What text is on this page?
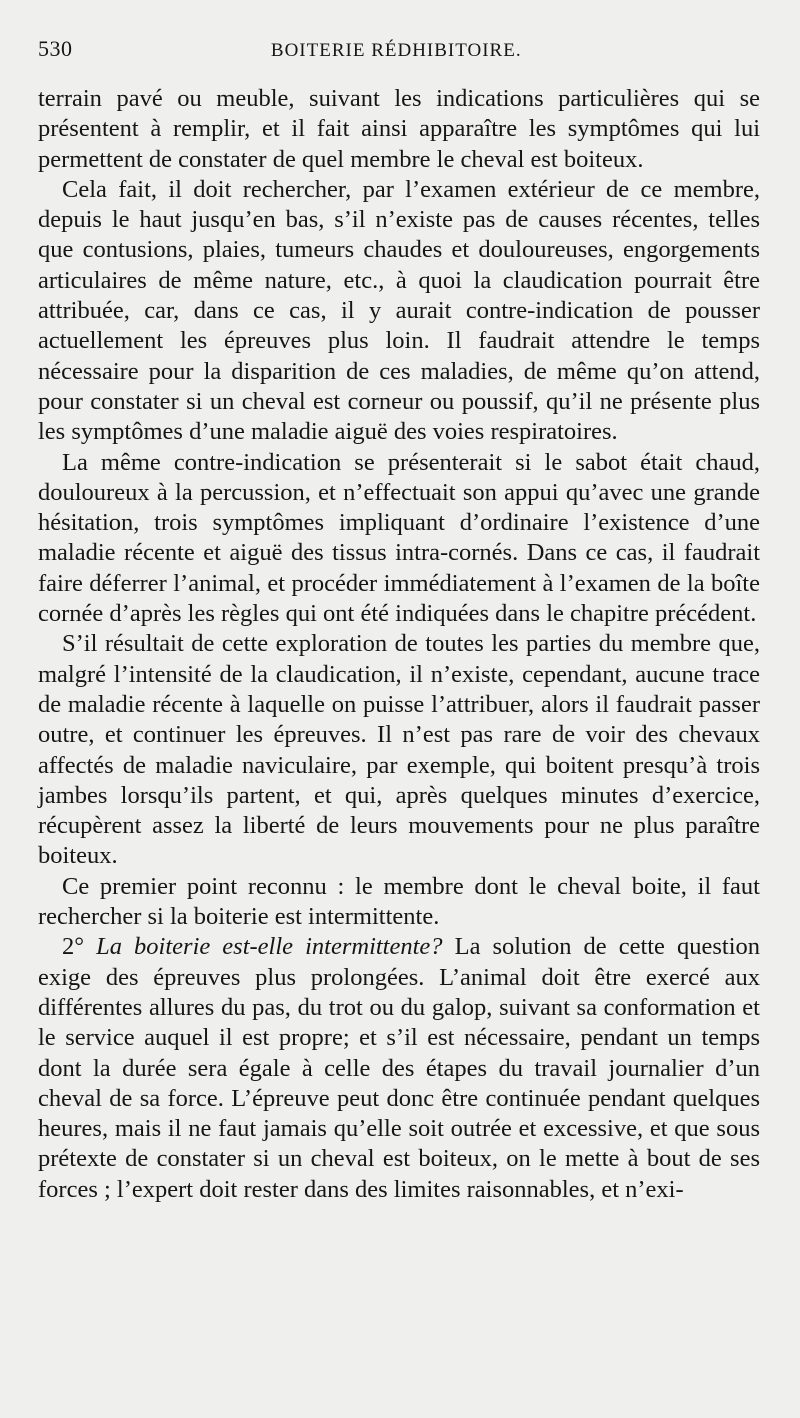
530	BOITERIE RÉDHIBITOIRE.

terrain pavé ou meuble, suivant les indications particulières qui se présentent à remplir, et il fait ainsi apparaître les symptômes qui lui permettent de constater de quel membre le cheval est boiteux.

Cela fait, il doit rechercher, par l’examen extérieur de ce membre, depuis le haut jusqu’en bas, s’il n’existe pas de causes récentes, telles que contusions, plaies, tumeurs chaudes et douloureuses, engorgements articulaires de même nature, etc., à quoi la claudication pourrait être attribuée, car, dans ce cas, il y aurait contre-indication de pousser actuellement les épreuves plus loin. Il faudrait attendre le temps nécessaire pour la disparition de ces maladies, de même qu’on attend, pour constater si un cheval est corneur ou poussif, qu’il ne présente plus les symptômes d’une maladie aiguë des voies respiratoires.

La même contre-indication se présenterait si le sabot était chaud, douloureux à la percussion, et n’effectuait son appui qu’avec une grande hésitation, trois symptômes impliquant d’ordinaire l’existence d’une maladie récente et aiguë des tissus intra-cornés. Dans ce cas, il faudrait faire déferrer l’animal, et procéder immédiatement à l’examen de la boîte cornée d’après les règles qui ont été indiquées dans le chapitre précédent.

S’il résultait de cette exploration de toutes les parties du membre que, malgré l’intensité de la claudication, il n’existe, cependant, aucune trace de maladie récente à laquelle on puisse l’attribuer, alors il faudrait passer outre, et continuer les épreuves. Il n’est pas rare de voir des chevaux affectés de maladie naviculaire, par exemple, qui boitent presqu’à trois jambes lorsqu’ils partent, et qui, après quelques minutes d’exercice, récupèrent assez la liberté de leurs mouvements pour ne plus paraître boiteux.

Ce premier point reconnu : le membre dont le cheval boite, il faut rechercher si la boiterie est intermittente.

2° La boiterie est-elle intermittente? La solution de cette question exige des épreuves plus prolongées. L’animal doit être exercé aux différentes allures du pas, du trot ou du galop, suivant sa conformation et le service auquel il est propre; et s’il est nécessaire, pendant un temps dont la durée sera égale à celle des étapes du travail journalier d’un cheval de sa force. L’épreuve peut donc être continuée pendant quelques heures, mais il ne faut jamais qu’elle soit outrée et excessive, et que sous prétexte de constater si un cheval est boiteux, on le mette à bout de ses forces ; l’expert doit rester dans des limites raisonnables, et n’exi-
